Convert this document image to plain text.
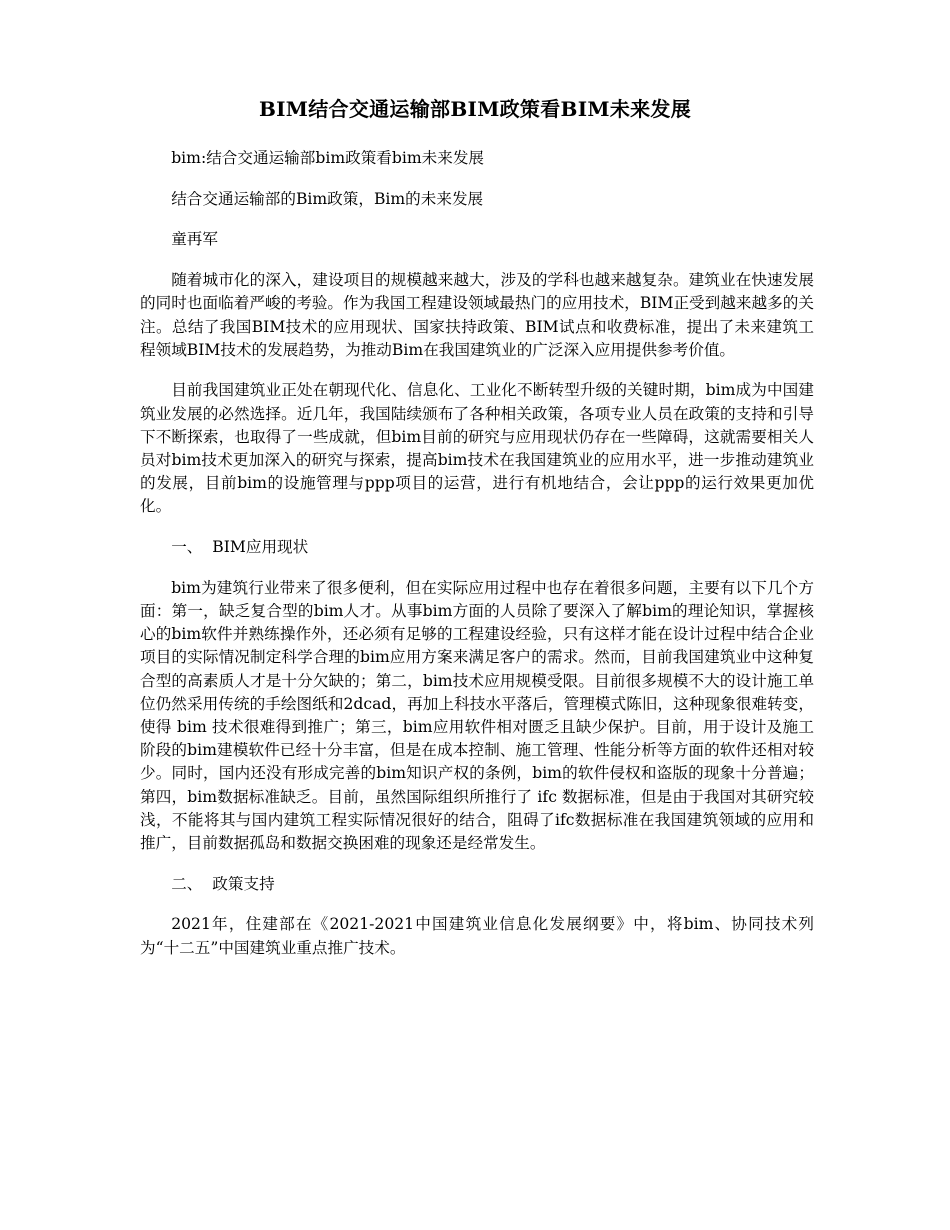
BIM结合交通运输部BIM政策看BIM未来发展

bim:结合交通运输部bim政策看bim未来发展

结合交通运输部的Bim政策，Bim的未来发展

童再军

随着城市化的深入，建设项目的规模越来越大，涉及的学科也越来越复杂。建筑业在快速发展的同时也面临着严峻的考验。作为我国工程建设领域最热门的应用技术，BIM正受到越来越多的关注。总结了我国BIM技术的应用现状、国家扶持政策、BIM试点和收费标准，提出了未来建筑工程领域BIM技术的发展趋势，为推动Bim在我国建筑业的广泛深入应用提供参考价值。

目前我国建筑业正处在朝现代化、信息化、工业化不断转型升级的关键时期，bim成为中国建筑业发展的必然选择。近几年，我国陆续颁布了各种相关政策，各项专业人员在政策的支持和引导下不断探索，也取得了一些成就，但bim目前的研究与应用现状仍存在一些障碍，这就需要相关人员对bim技术更加深入的研究与探索，提高bim技术在我国建筑业的应用水平，进一步推动建筑业的发展，目前bim的设施管理与ppp项目的运营，进行有机地结合，会让ppp的运行效果更加优化。

一、  BIM应用现状

bim为建筑行业带来了很多便利，但在实际应用过程中也存在着很多问题，主要有以下几个方面：第一，缺乏复合型的bim人才。从事bim方面的人员除了要深入了解bim的理论知识，掌握核心的bim软件并熟练操作外，还必须有足够的工程建设经验，只有这样才能在设计过程中结合企业项目的实际情况制定科学合理的bim应用方案来满足客户的需求。然而，目前我国建筑业中这种复合型的高素质人才是十分欠缺的；第二，bim技术应用规模受限。目前很多规模不大的设计施工单位仍然采用传统的手绘图纸和2dcad，再加上科技水平落后，管理模式陈旧，这种现象很难转变，使得 bim 技术很难得到推广；第三，bim应用软件相对匮乏且缺少保护。目前，用于设计及施工阶段的bim建模软件已经十分丰富，但是在成本控制、施工管理、性能分析等方面的软件还相对较少。同时，国内还没有形成完善的bim知识产权的条例，bim的软件侵权和盗版的现象十分普遍；第四，bim数据标准缺乏。目前，虽然国际组织所推行了 ifc 数据标准，但是由于我国对其研究较浅，不能将其与国内建筑工程实际情况很好的结合，阻碍了ifc数据标准在我国建筑领域的应用和推广，目前数据孤岛和数据交换困难的现象还是经常发生。

二、  政策支持

2021年，住建部在《2021-2021中国建筑业信息化发展纲要》中，将bim、协同技术列为“十二五”中国建筑业重点推广技术。
